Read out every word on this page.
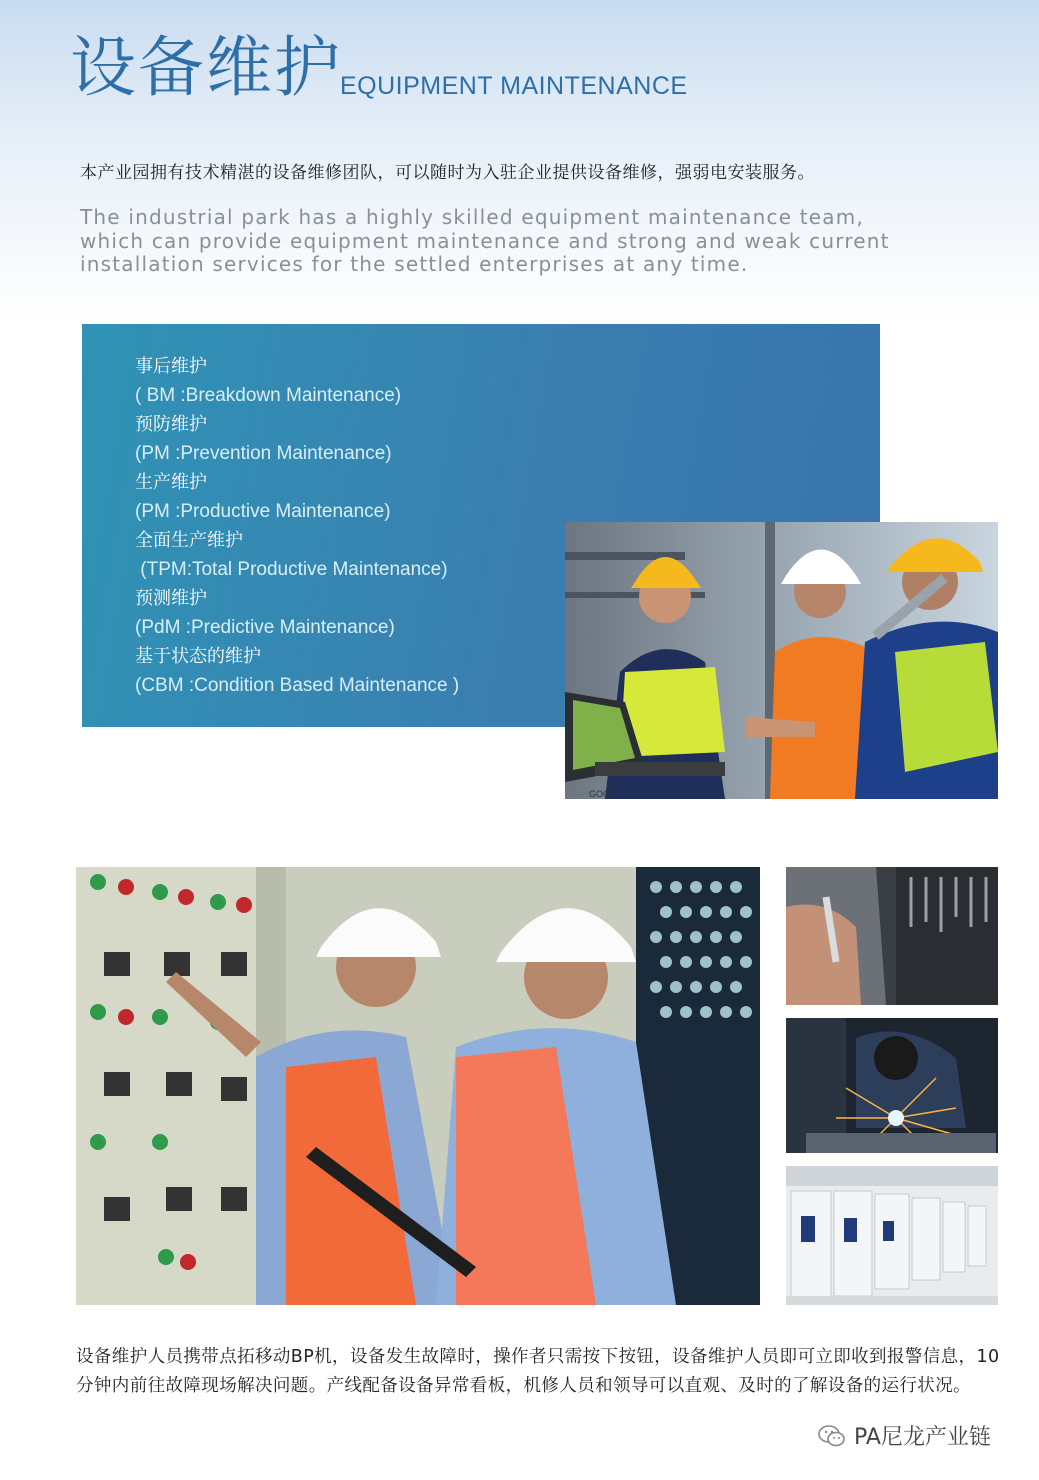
设备维护
EQUIPMENT MAINTENANCE
本产业园拥有技术精湛的设备维修团队，可以随时为入驻企业提供设备维修，强弱电安装服务。
The industrial park has a highly skilled equipment maintenance team, which can provide equipment maintenance and strong and weak current installation services for the settled enterprises at any time.
事后维护
( BM :Breakdown Maintenance)
预防维护
(PM :Prevention Maintenance)
生产维护
(PM :Productive Maintenance)
全面生产维护
(TPM:Total Productive Maintenance)
预测维护
(PdM :Predictive Maintenance)
基于状态的维护
(CBM :Condition Based Maintenance )
GOOD
设备维护人员携带点拓移动BP机，设备发生故障时，操作者只需按下按钮，设备维护人员即可立即收到报警信息，10分钟内前往故障现场解决问题。产线配备设备异常看板，机修人员和领导可以直观、及时的了解设备的运行状况。
PA尼龙产业链
